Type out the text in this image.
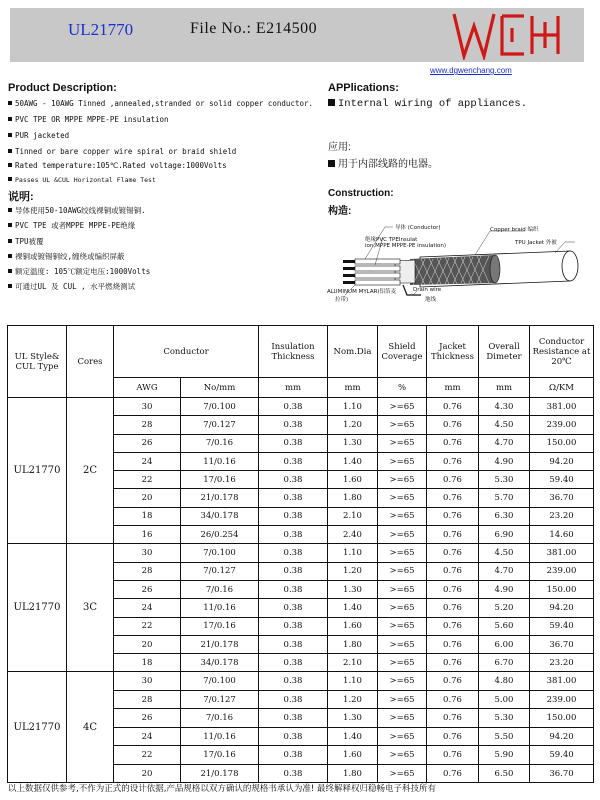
UL21770	File No.: E214500
www.dgwenchang.com
Product Description:
50AWG - 10AWG Tinned ,annealed,stranded or solid copper conductor.
PVC TPE OR MPPE MPPE-PE insulation
PUR jacketed
Tinned or bare copper wire spiral or braid shield
Rated temperature:105℃.Rated voltage:1000Volts
Passes UL &CUL Horizontal Flame Test
说明:
导体使用50-10AWG绞线裸铜或镀锡铜.
PVC TPE 或者MPPE MPPE-PE绝缘
TPU被覆
裸铜或镀锡铜绞,缠绕或编织屏蔽
额定温度: 105℃额定电压:1000Volts
可通过UL 及 CUL , 水平燃烧测试
APPlications:
Internal wiring of appliances.
应用:
用于内部线路的电器。
Construction:
构造:
导体 (Conductor)
绝缘PVC TPEInsulat
ion,MPPE MPPE-PE insulation)
Copper braid 编织
TPU Jacket 外被
ALUMINUM MYLAR(铝箔麦
拉带)
Drain wire
地线
UL Style& CUL Type	Cores	Conductor		Insulation Thickness	Nom.Dia	Shield Coverage	Jacket Thickness	Overall Dimeter	Conductor Resistance at 20℃
		AWG	No/mm	mm	mm	%	mm	mm	Ω/KM
UL21770	2C	30	7/0.100	0.38	1.10	>=65	0.76	4.30	381.00
		28	7/0.127	0.38	1.20	>=65	0.76	4.50	239.00
		26	7/0.16	0.38	1.30	>=65	0.76	4.70	150.00
		24	11/0.16	0.38	1.40	>=65	0.76	4.90	94.20
		22	17/0.16	0.38	1.60	>=65	0.76	5.30	59.40
		20	21/0.178	0.38	1.80	>=65	0.76	5.70	36.70
		18	34/0.178	0.38	2.10	>=65	0.76	6.30	23.20
		16	26/0.254	0.38	2.40	>=65	0.76	6.90	14.60
UL21770	3C	30	7/0.100	0.38	1.10	>=65	0.76	4.50	381.00
		28	7/0.127	0.38	1.20	>=65	0.76	4.70	239.00
		26	7/0.16	0.38	1.30	>=65	0.76	4.90	150.00
		24	11/0.16	0.38	1.40	>=65	0.76	5.20	94.20
		22	17/0.16	0.38	1.60	>=65	0.76	5.60	59.40
		20	21/0.178	0.38	1.80	>=65	0.76	6.00	36.70
		18	34/0.178	0.38	2.10	>=65	0.76	6.70	23.20
UL21770	4C	30	7/0.100	0.38	1.10	>=65	0.76	4.80	381.00
		28	7/0.127	0.38	1.20	>=65	0.76	5.00	239.00
		26	7/0.16	0.38	1.30	>=65	0.76	5.30	150.00
		24	11/0.16	0.38	1.40	>=65	0.76	5.50	94.20
		22	17/0.16	0.38	1.60	>=65	0.76	5.90	59.40
		20	21/0.178	0.38	1.80	>=65	0.76	6.50	36.70
以上数据仅供参考,不作为正式的设计依据,产品规格以双方确认的规格书承认为准! 最终解释权归稳畅电子科技所有
